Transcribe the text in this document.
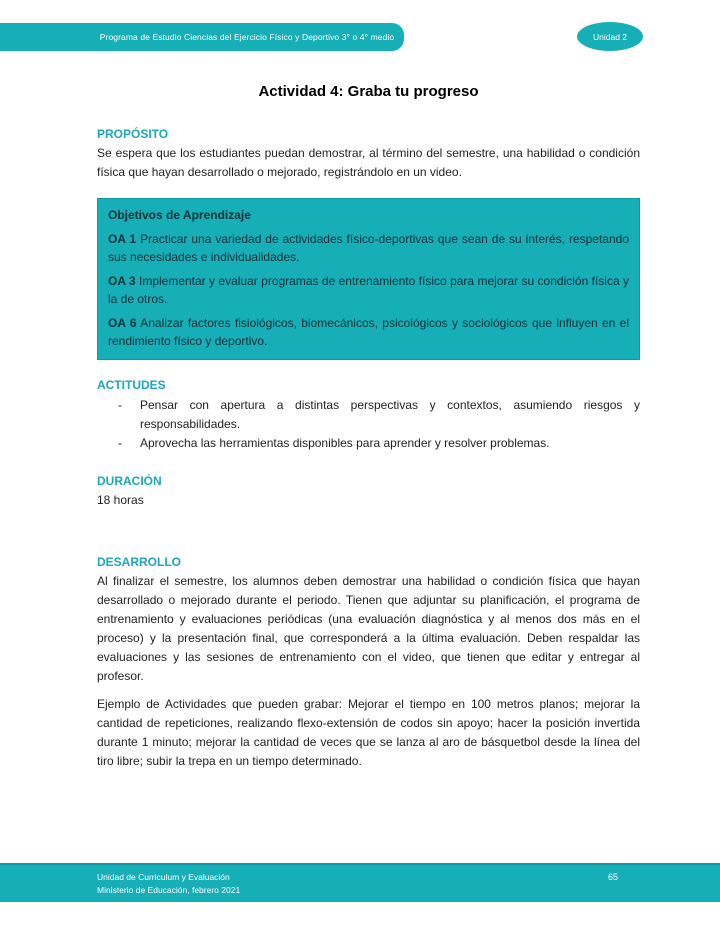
Programa de Estudio Ciencias del Ejercicio Físico y Deportivo 3° o 4° medio	Unidad 2
Actividad 4: Graba tu progreso
PROPÓSITO

Se espera que los estudiantes puedan demostrar, al término del semestre, una habilidad o condición física que hayan desarrollado o mejorado, registrándolo en un video.

Objetivos de Aprendizaje

OA 1 Practicar una variedad de actividades físico-deportivas que sean de su interés, respetando sus necesidades e individualidades.

OA 3 Implementar y evaluar programas de entrenamiento físico para mejorar su condición física y la de otros.

OA 6 Analizar factores fisiológicos, biomecánicos, psicológicos y sociológicos que influyen en el rendimiento físico y deportivo.

ACTITUDES
- Pensar con apertura a distintas perspectivas y contextos, asumiendo riesgos y responsabilidades.
- Aprovecha las herramientas disponibles para aprender y resolver problemas.
DURACIÓN
18 horas
DESARROLLO

Al finalizar el semestre, los alumnos deben demostrar una habilidad o condición física que hayan desarrollado o mejorado durante el periodo. Tienen que adjuntar su planificación, el programa de entrenamiento y evaluaciones periódicas (una evaluación diagnóstica y al menos dos más en el proceso) y la presentación final, que corresponderá a la última evaluación. Deben respaldar las evaluaciones y las sesiones de entrenamiento con el video, que tienen que editar y entregar al profesor.

Ejemplo de Actividades que pueden grabar: Mejorar el tiempo en 100 metros planos; mejorar la cantidad de repeticiones, realizando flexo-extensión de codos sin apoyo; hacer la posición invertida durante 1 minuto; mejorar la cantidad de veces que se lanza al aro de básquetbol desde la línea del tiro libre; subir la trepa en un tiempo determinado.

Unidad de Curriculum y Evaluación
Ministerio de Educación, febrero 2021
65
